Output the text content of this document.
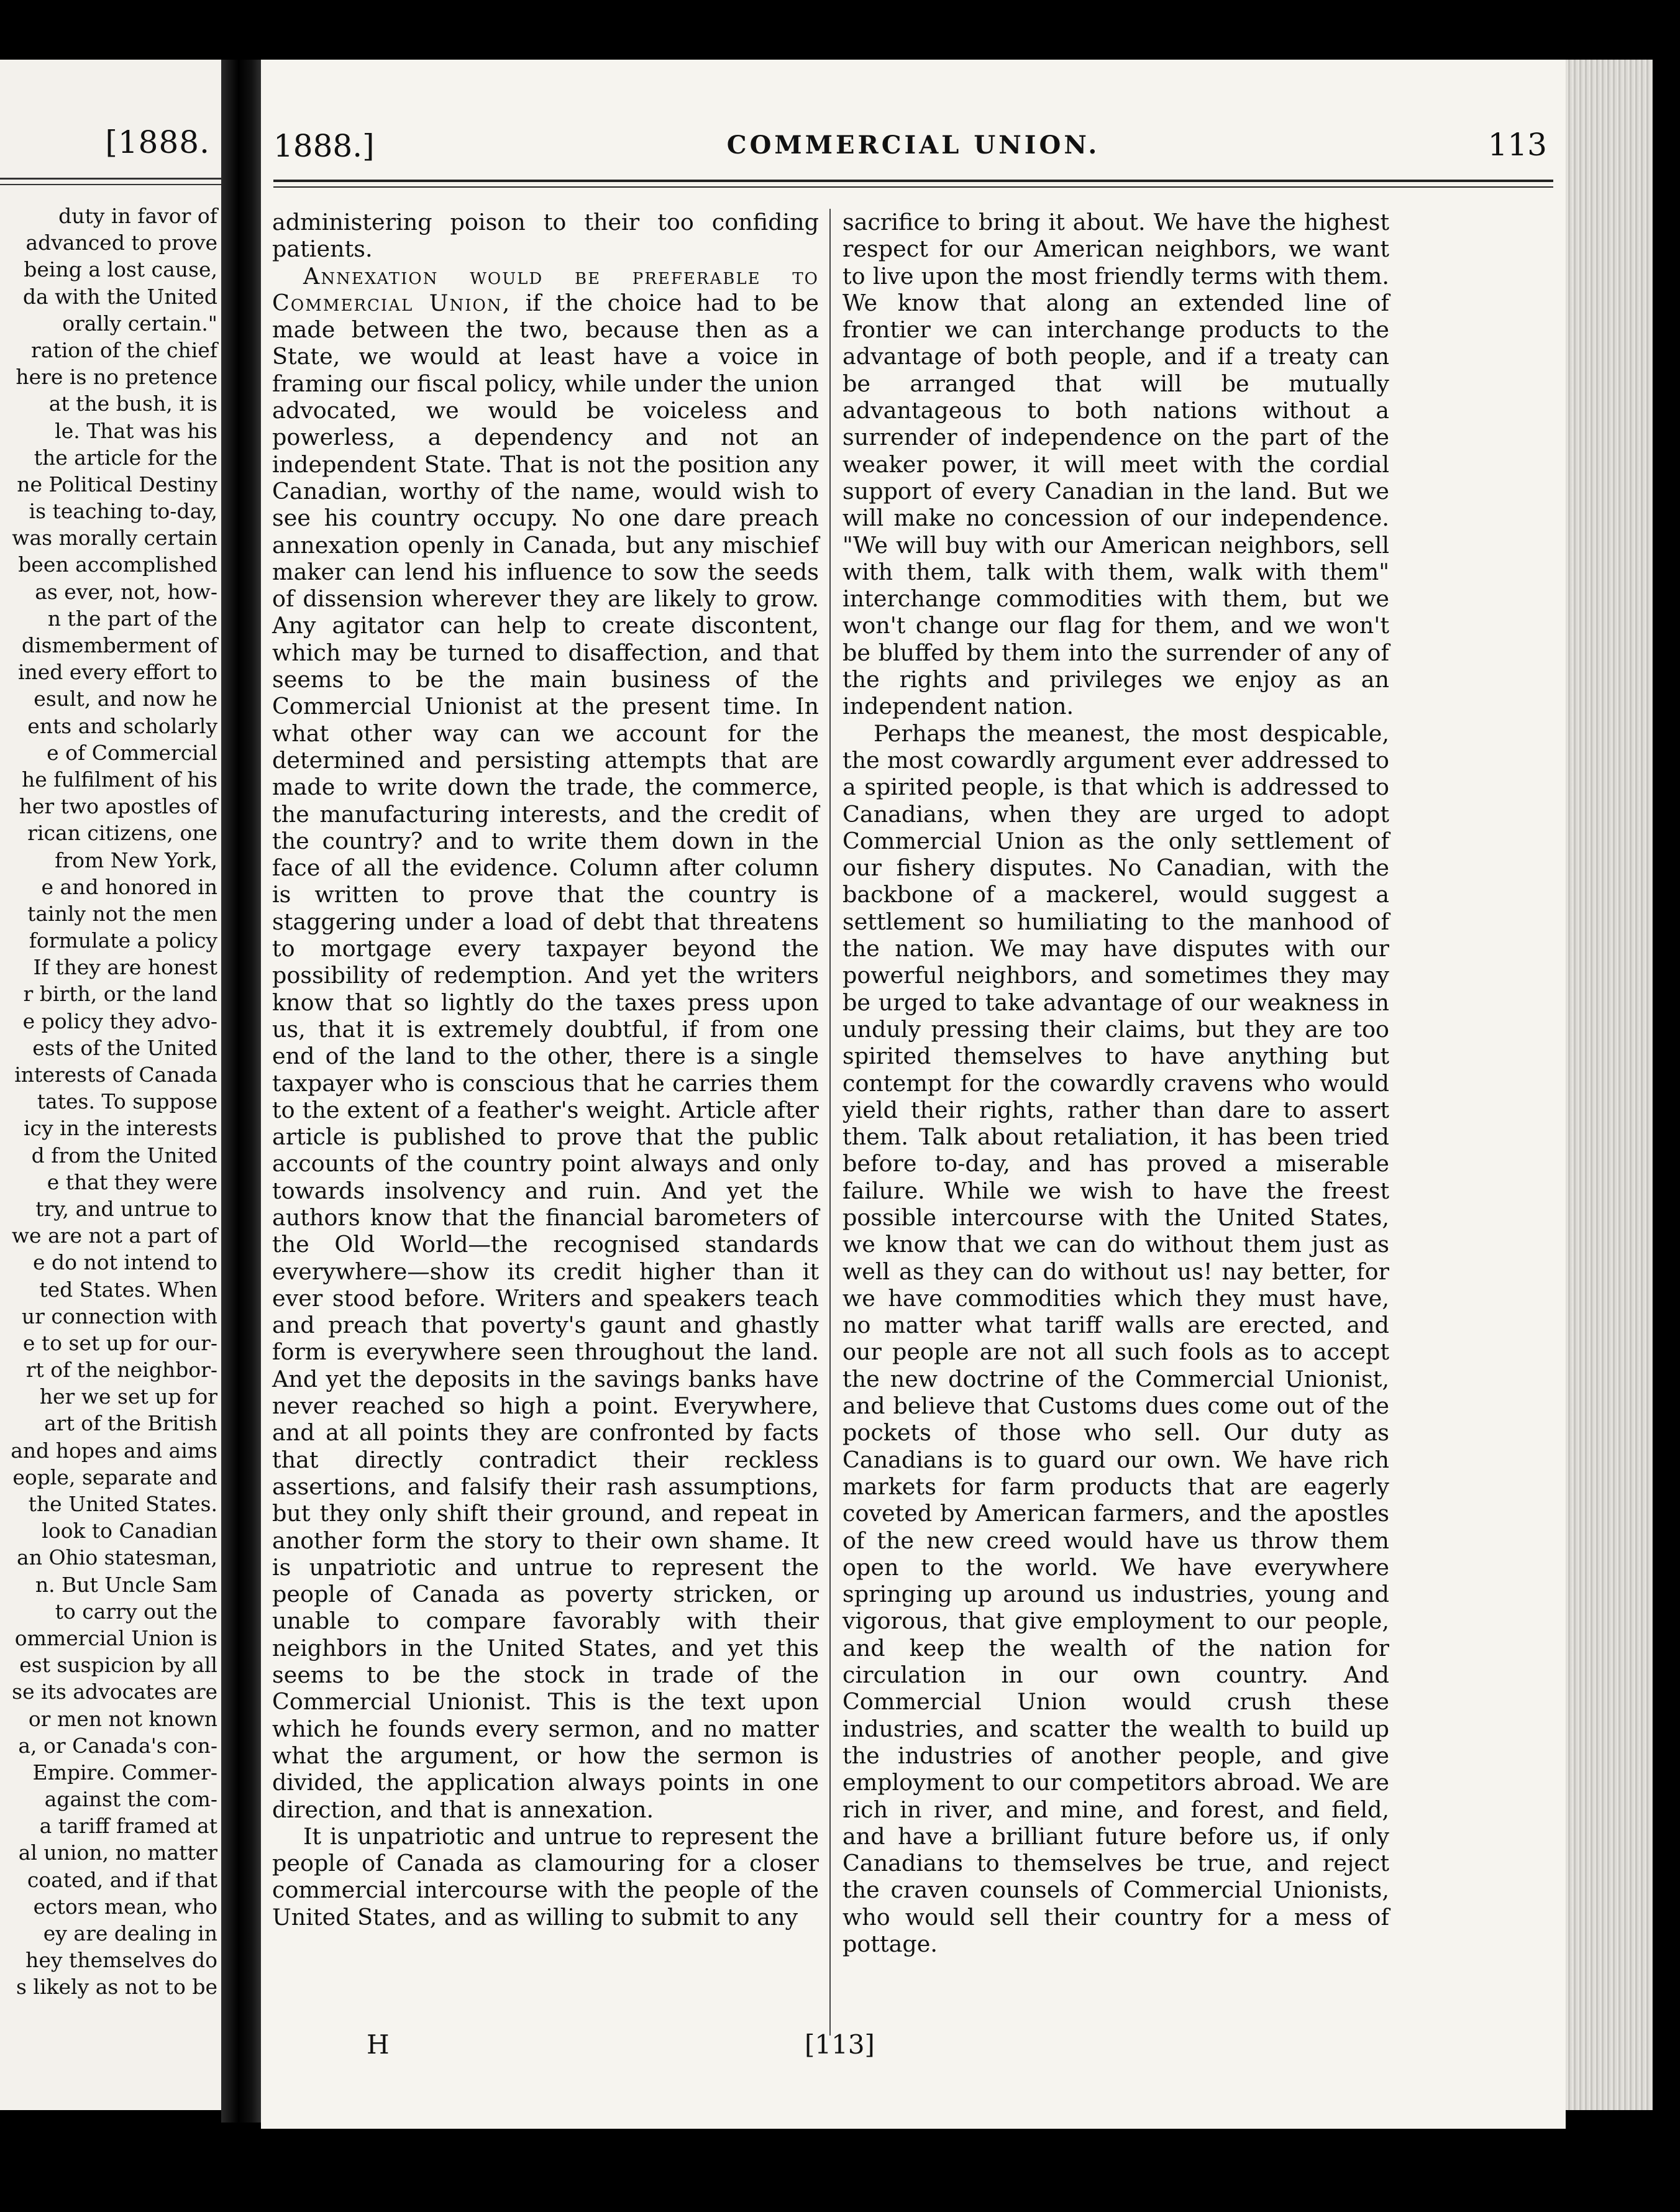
[1888.
duty in favor of
advanced to prove
being a lost cause,
da with the United
orally certain."
ration of the chief
here is no pretence
at the bush, it is
le. That was his
the article for the
ne Political Destiny
is teaching to-day,
was morally certain
been accomplished
as ever, not, how-
n the part of the
dismemberment of
ined every effort to
esult, and now he
ents and scholarly
e of Commercial
he fulfilment of his
her two apostles of
rican citizens, one
from New York,
e and honored in
tainly not the men
formulate a policy
If they are honest
r birth, or the land
e policy they advo-
ests of the United
interests of Canada
tates. To suppose
icy in the interests
d from the United
e that they were
try, and untrue to
we are not a part of
e do not intend to
ted States. When
ur connection with
e to set up for our-
rt of the neighbor-
her we set up for
art of the British
and hopes and aims
eople, separate and
the United States.
look to Canadian
an Ohio statesman,
n. But Uncle Sam
to carry out the
ommercial Union is
est suspicion by all
se its advocates are
or men not known
a, or Canada's con-
Empire. Commer-
against the com-
a tariff framed at
al union, no matter
coated, and if that
ectors mean, who
ey are dealing in
hey themselves do
s likely as not to be
1888.]	COMMERCIAL UNION.	113

administering poison to their too confiding patients.

Annexation would be preferable to Commercial Union, if the choice had to be made between the two, because then as a State, we would at least have a voice in framing our fiscal policy, while under the union advocated, we would be voiceless and powerless, a dependency and not an independent State. That is not the position any Canadian, worthy of the name, would wish to see his country occupy. No one dare preach annexation openly in Canada, but any mischief maker can lend his influence to sow the seeds of dissension wherever they are likely to grow. Any agitator can help to create discontent, which may be turned to disaffection, and that seems to be the main business of the Commercial Unionist at the present time. In what other way can we account for the determined and persisting attempts that are made to write down the trade, the commerce, the manufacturing interests, and the credit of the country? and to write them down in the face of all the evidence. Column after column is written to prove that the country is staggering under a load of debt that threatens to mortgage every taxpayer beyond the possibility of redemption. And yet the writers know that so lightly do the taxes press upon us, that it is extremely doubtful, if from one end of the land to the other, there is a single taxpayer who is conscious that he carries them to the extent of a feather's weight. Article after article is published to prove that the public accounts of the country point always and only towards insolvency and ruin. And yet the authors know that the financial barometers of the Old World—the recognised standards everywhere—show its credit higher than it ever stood before. Writers and speakers teach and preach that poverty's gaunt and ghastly form is everywhere seen throughout the land. And yet the deposits in the savings banks have never reached so high a point. Everywhere, and at all points they are confronted by facts that directly contradict their reckless assertions, and falsify their rash assumptions, but they only shift their ground, and repeat in another form the story to their own shame. It is unpatriotic and untrue to represent the people of Canada as poverty stricken, or unable to compare favorably with their neighbors in the United States, and yet this seems to be the stock in trade of the Commercial Unionist. This is the text upon which he founds every sermon, and no matter what the argument, or how the sermon is divided, the application always points in one direction, and that is annexation.

It is unpatriotic and untrue to represent the people of Canada as clamouring for a closer commercial intercourse with the people of the United States, and as willing to submit to any

sacrifice to bring it about. We have the highest respect for our American neighbors, we want to live upon the most friendly terms with them. We know that along an extended line of frontier we can interchange products to the advantage of both people, and if a treaty can be arranged that will be mutually advantageous to both nations without a surrender of independence on the part of the weaker power, it will meet with the cordial support of every Canadian in the land. But we will make no concession of our independence. "We will buy with our American neighbors, sell with them, talk with them, walk with them" interchange commodities with them, but we won't change our flag for them, and we won't be bluffed by them into the surrender of any of the rights and privileges we enjoy as an independent nation.

Perhaps the meanest, the most despicable, the most cowardly argument ever addressed to a spirited people, is that which is addressed to Canadians, when they are urged to adopt Commercial Union as the only settlement of our fishery disputes. No Canadian, with the backbone of a mackerel, would suggest a settlement so humiliating to the manhood of the nation. We may have disputes with our powerful neighbors, and sometimes they may be urged to take advantage of our weakness in unduly pressing their claims, but they are too spirited themselves to have anything but contempt for the cowardly cravens who would yield their rights, rather than dare to assert them. Talk about retaliation, it has been tried before to-day, and has proved a miserable failure. While we wish to have the freest possible intercourse with the United States, we know that we can do without them just as well as they can do without us! nay better, for we have commodities which they must have, no matter what tariff walls are erected, and our people are not all such fools as to accept the new doctrine of the Commercial Unionist, and believe that Customs dues come out of the pockets of those who sell. Our duty as Canadians is to guard our own. We have rich markets for farm products that are eagerly coveted by American farmers, and the apostles of the new creed would have us throw them open to the world. We have everywhere springing up around us industries, young and vigorous, that give employment to our people, and keep the wealth of the nation for circulation in our own country. And Commercial Union would crush these industries, and scatter the wealth to build up the industries of another people, and give employment to our competitors abroad. We are rich in river, and mine, and forest, and field, and have a brilliant future before us, if only Canadians to themselves be true, and reject the craven counsels of Commercial Unionists, who would sell their country for a mess of pottage.

H	[113]
